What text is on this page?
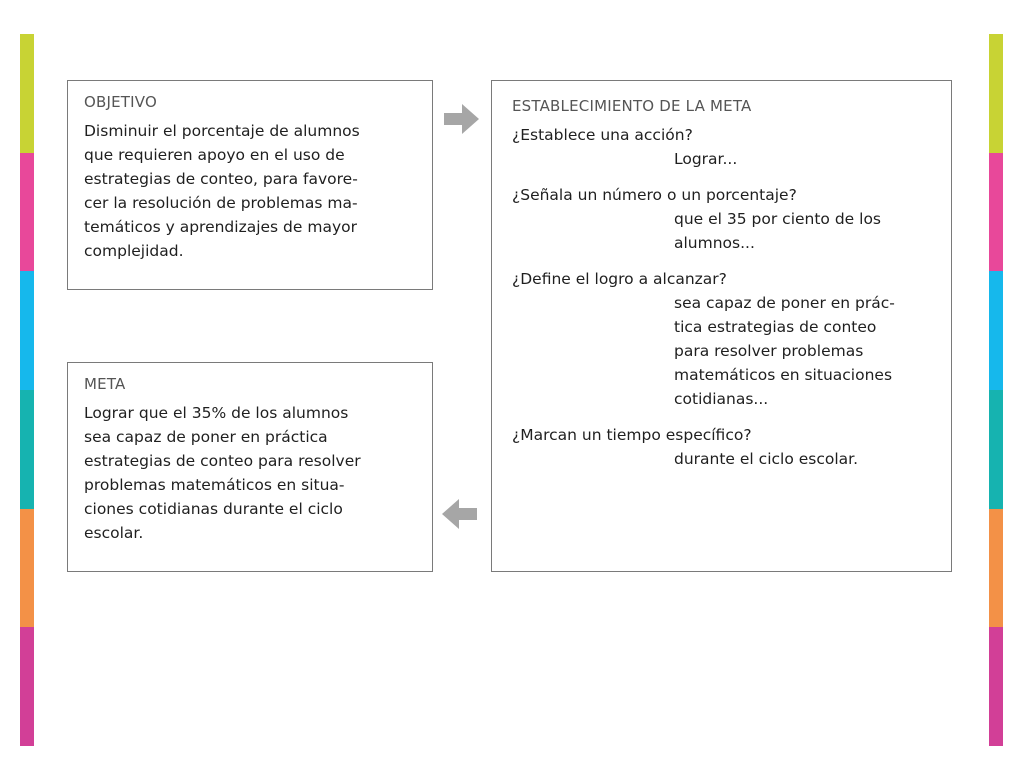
OBJETIVO
Disminuir el porcentaje de alumnos
que requieren apoyo en el uso de
estrategias de conteo, para favore-
cer la resolución de problemas ma-
temáticos y aprendizajes de mayor
complejidad.
ESTABLECIMIENTO DE LA META
¿Establece una acción?
Lograr...
¿Señala un número o un porcentaje?
que el 35 por ciento de los
alumnos...
¿Define el logro a alcanzar?
sea capaz de poner en prác-
tica estrategias de conteo
para resolver problemas
matemáticos en situaciones
cotidianas...
¿Marcan un tiempo específico?
durante el ciclo escolar.
META
Lograr que el 35% de los alumnos
sea capaz de poner en práctica
estrategias de conteo para resolver
problemas matemáticos en situa-
ciones cotidianas durante el ciclo
escolar.
